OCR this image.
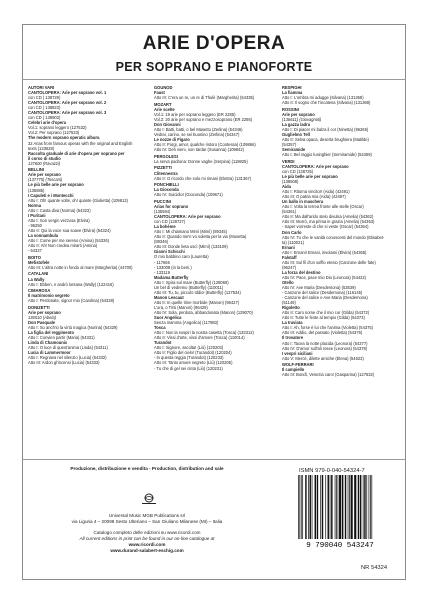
ARIE D'OPERA
PER SOPRANO E PIANOFORTE
AUTORI VARI
CANTOLOPERA: Arie per soprano vol. 1
con CD ( 138729)
CANTOLOPERA: Arie per soprano vol. 2
con CD ( 138823)
CANTOLOPERA: Arie per soprano vol. 3
con CD ( 138903)
Celebri arie d'opera
Vol.1: soprano leggero (127532)
Vol.2: Per soprano (127533)
The modern soprano operatic album.
32 Arias from famous operas with the original and English
texts (133628)
Raccolta graduale di arie d'opera per soprano per
il corso di studio
137600 (Ravazzi)
BELLINI
Arie per soprano
(137775) (Toscani)
Le più belle arie per soprano
(136885)
I Capuleti e i Montecchi
Atto I: Oh! quante volte, oh! quante (Giulietta) (109813)
Norma
Atto I: Casta diva (Norma) (54323)
I Puritani
Atto I: Son vergin vezzosa (Elvira)
- 96250
Atto II: Qui la voce sua soave (Elvira) (54324)
La sonnambula
Atto I: Come per me sereno (Amina) (54326)
Atto II: Ah! Non credea mirarti (Amina)
- 54327
BOITO
Mefistofele
Atto III: L'altra notte in fondo al mare (Margherita) (44700)
CATALANI
La Wally
Atto I: Ebben, n andrò lontana (Wally) (122416)
CIMAROSA
Il matrimonio segreto
Atto I: Perdonate, signor mio (Carolina) (54328)
DONIZETTI
Arie per soprano
136510 (Abela)
Don Pasquale
Atto I: So anch'io la virtù magica (Norina) (54329)
La figlia del reggimento
Atto I: Convien partir (Maria) (54331)
Linda di Chamounix
Atto I: O luce di quest'anima (Linda) (54311)
Lucia di Lammermoor
Atto I: Regnava nel silenzio (Lucia) (54332)
Atto III: Ardon gl'incensi (Lucia) (54333)
GOUNOD
Faust
Atto III: C'era un re, un re di Thulè (Margherita) (54335)
MOZART
Arie scelte
Vol.1: 19 arie per soprano leggero (ER 2285)
Vol.2: 20 arie per soprano e mezzosoprano (ER 2286)
Don Giovanni
Atto I: Batti, batti, o bel Masetto (Zerlina) (54346)
Vedrai, carino, se sei buonino (Zerlina) (54347)
Le nozze di Figaro
Atto II: Porgi, amor, qualche ristoro (Contessa) (109866)
Atto IV: Deh vieni, non tardar (Susanna) (109842)
PERGOLESI
La serva padrona: Donne vaghe (Serpina) (119825)
PIZZETTI
Clitennestra
Atto II: O ricordo che solo mi rimani (Elettra) (131367)
PONCHIELLI
La Gioconda
Atto IV: Suicidio! (Gioconda) (109671)
PUCCINI
Arias for soprano
(135594)
CANTOLOPERA: Arie per soprano
con CD (138727)
La bohème
Atto I: Mi chiamano Mimì (Mimì) (89345)
Atto II: Quando me'n vo soletta per la via (Musetta)
(89346)
Atto III: Donde lieta uscì (Mimì) (133109)
Gianni Schicchi
O mio babbino caro (Lauretta)
- 117666
- 133008 (in la bem.)
- 133119
Madama Butterfly
Atto I: Spira sul mare (Butterfly) (128069)
Un bel dì vedremo (Butterfly) (110011)
Atto III: Tu, tu, piccolo Iddio! (Butterfly) (127534)
Manon Lescaut
Atto II: In quelle trine morbide (Manon) (96427)
L'ora, o Tirsi (Manon) (96429)
Atto IV: Sola, perduta, abbandonata (Manon) (129070)
Suor Angelica
Senza mamma (Angelica) (117983)
Tosca
Atto I: Non la sospiri la nostra casetta (Tosca) (133312)
Atto II: Vissi d'arte, vissi d'amore (Tosca) (110014)
Turandot
Atto I: Signore, ascolta! (Liù) (120203)
Atto II: Figlio del cielo! (Turandot) (120204)
- In questa reggia (Turandot) (120233)
Atto III: Tanto amore segreto (Liù) (120205)
- Tu che di gel sei cinta (Liù) (120231)
RESPIGHI
La fiamma
Atto I: L'ombra mi adugge (Silvana) (131368)
Atto II: Il sogno che t'incatena (Silvana) (131369)
ROSSINI
Arie per soprano
(136611) (Giovagnoli)
La gazza ladra
Atto I: Di piacer mi balza il cor (Ninetta) (96265)
Guglielmo Tell
Atto II: Selva opaca, deserta brughiera (Matilde)
(54357)
Semiramide
Atto I: Bel raggio lusinghier (Semiramide) (54359)
VERDI
CANTOLOPERA: Arie per soprano
con CD (138725)
Le più belle arie per soprano
(138508)
Aida
Atto I: Ritorna vincitor! (Aida) (42491)
Atto III: O patria mia (Aida) (42497)
Un ballo in maschera
Atto I: Volta la terrea fronte alle stelle (Oscar)
(54361)
Atto II: Ma dall'arido stelo divulsa (Amelia) (54362)
Atto III: Morrò, ma prima in grazia (Amelia) (54363)
- Saper vorreste di che si veste (Oscar) (54364)
Don Carlo
Atto IV: Tu che le vanità conoscesti del mondo (Elisabet-
ta) (110021)
Ernani
Atto I: Ernani! Ernani, involami (Elvira) (54365)
Falstaff
Atto III: Sul fil d'un soffio etesio (Canzone delle fate)
(96247)
La forza del destino
Atto IV: Pace, pace mio Dio (Leonora) (54422)
Otello
Atto IV: Ave Maria (Desdemona) (53539)
- Canzone del salice (Desdemona) (116145)
- Canzone del salice e Ave Maria (Desdemona)
(51149)
Rigoletto
Atto II: Caro nome che il mio cor (Gilda) (54372)
Atto II: Tutte le feste al tempio (Gilda) (54373)
La traviata
Atto I: Ah, forse è lui che l'anima (Violetta) (54375)
Atto III: Addio, del passato (Violetta) (54376)
Il trovatore
Atto I: Tacea la notte placida (Leonora) (54377)
Atto IV: D'amor sull'ali rosee (Leonora) (54378)
I vespri siciliani
Atto V: Mercè, dilette amiche (Elena) (54623)
WOLF-FERRARI
Il campiello
Atto III: Bondì, Venezia caro! (Gasparina) (127632)
Produzione, distribuzione e vendita - Production, distribution and sale
Universal Music MGB Publications srl
via Liguria 4 – 20098 Sesto Ulteriano – San Giuliano Milanese (MI) – Italia
Catalogo completo delle edizioni su www.ricordi.com
All current editions in print can be found in our on-line catalogue at
www.ricordi.com
www.durand-salabert-eschig.com
ISMN 979-0-040-54324-7
9 790040 543247
NR 54324
